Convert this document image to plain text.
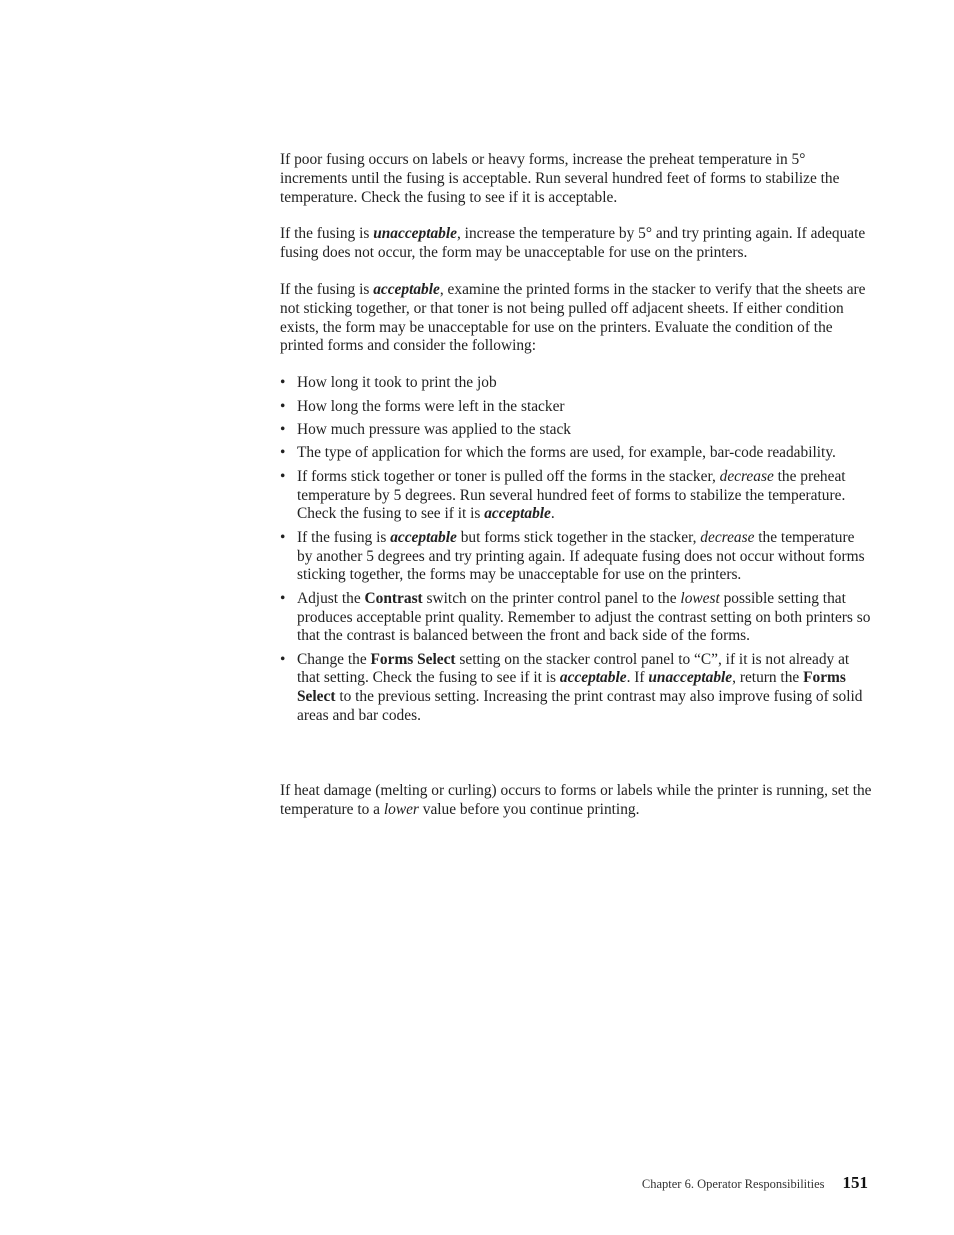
If poor fusing occurs on labels or heavy forms, increase the preheat temperature in 5° increments until the fusing is acceptable. Run several hundred feet of forms to stabilize the temperature. Check the fusing to see if it is acceptable.

If the fusing is unacceptable, increase the temperature by 5° and try printing again. If adequate fusing does not occur, the form may be unacceptable for use on the printers.

If the fusing is acceptable, examine the printed forms in the stacker to verify that the sheets are not sticking together, or that toner is not being pulled off adjacent sheets. If either condition exists, the form may be unacceptable for use on the printers. Evaluate the condition of the printed forms and consider the following:

• How long it took to print the job
• How long the forms were left in the stacker
• How much pressure was applied to the stack
• The type of application for which the forms are used, for example, bar-code readability.
• If forms stick together or toner is pulled off the forms in the stacker, decrease the preheat temperature by 5 degrees. Run several hundred feet of forms to stabilize the temperature. Check the fusing to see if it is acceptable.
• If the fusing is acceptable but forms stick together in the stacker, decrease the temperature by another 5 degrees and try printing again. If adequate fusing does not occur without forms sticking together, the forms may be unacceptable for use on the printers.
• Adjust the Contrast switch on the printer control panel to the lowest possible setting that produces acceptable print quality. Remember to adjust the contrast setting on both printers so that the contrast is balanced between the front and back side of the forms.
• Change the Forms Select setting on the stacker control panel to “C”, if it is not already at that setting. Check the fusing to see if it is acceptable. If unacceptable, return the Forms Select to the previous setting. Increasing the print contrast may also improve fusing of solid areas and bar codes.

If heat damage (melting or curling) occurs to forms or labels while the printer is running, set the temperature to a lower value before you continue printing.

Chapter 6. Operator Responsibilities 151
